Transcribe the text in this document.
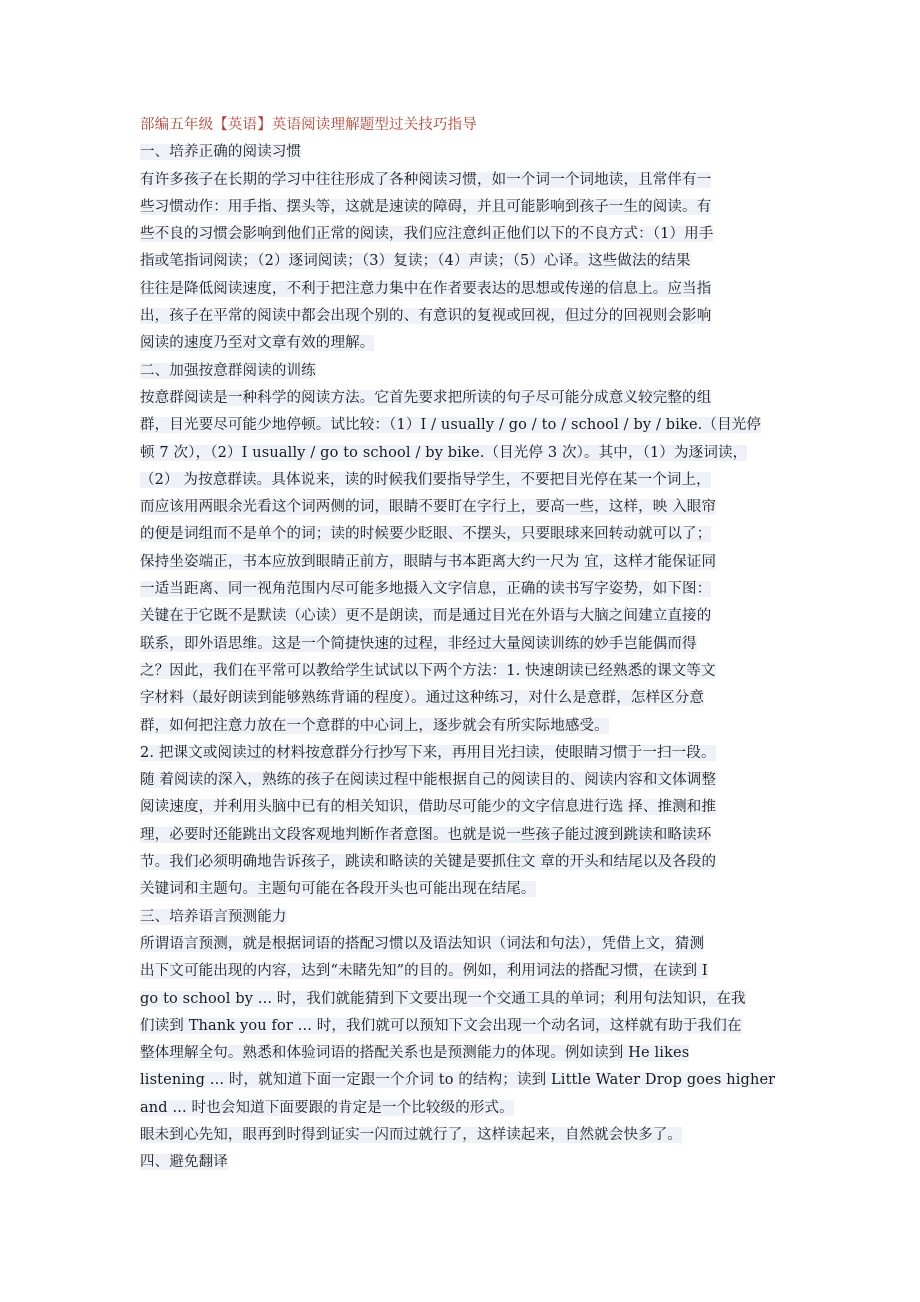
部编五年级【英语】英语阅读理解题型过关技巧指导
一、培养正确的阅读习惯
有许多孩子在长期的学习中往往形成了各种阅读习惯，如一个词一个词地读，且常伴有一
些习惯动作：用手指、摆头等，这就是速读的障碍，并且可能影响到孩子一生的阅读。有
些不良的习惯会影响到他们正常的阅读，我们应注意纠正他们以下的不良方式：（1）用手
指或笔指词阅读；（2）逐词阅读；（3）复读；（4）声读；（5）心译。这些做法的结果
往往是降低阅读速度，不利于把注意力集中在作者要表达的思想或传递的信息上。应当指
出，孩子在平常的阅读中都会出现个别的、有意识的复视或回视，但过分的回视则会影响
阅读的速度乃至对文章有效的理解。
二、加强按意群阅读的训练
按意群阅读是一种科学的阅读方法。它首先要求把所读的句子尽可能分成意义较完整的组
群，目光要尽可能少地停顿。试比较：（1）I / usually / go / to / school / by / bike.（目光停
顿 7 次），（2）I usually / go to school / by bike.（目光停 3 次）。其中，（1）为逐词读，
（2） 为按意群读。具体说来，读的时候我们要指导学生，不要把目光停在某一个词上，
而应该用两眼余光看这个词两侧的词，眼睛不要盯在字行上，要高一些，这样，映 入眼帘
的便是词组而不是单个的词；读的时候要少眨眼、不摆头，只要眼球来回转动就可以了；
保持坐姿端正，书本应放到眼睛正前方，眼睛与书本距离大约一尺为 宜，这样才能保证同
一适当距离、同一视角范围内尽可能多地摄入文字信息，正确的读书写字姿势，如下图：
关键在于它既不是默读（心读）更不是朗读，而是通过目光在外语与大脑之间建立直接的
联系，即外语思维。这是一个简捷快速的过程，非经过大量阅读训练的妙手岂能偶而得
之？因此，我们在平常可以教给学生试试以下两个方法：1. 快速朗读已经熟悉的课文等文
字材料（最好朗读到能够熟练背诵的程度）。通过这种练习，对什么是意群，怎样区分意
群，如何把注意力放在一个意群的中心词上，逐步就会有所实际地感受。
2. 把课文或阅读过的材料按意群分行抄写下来，再用目光扫读，使眼睛习惯于一扫一段。
随 着阅读的深入，熟练的孩子在阅读过程中能根据自己的阅读目的、阅读内容和文体调整
阅读速度，并利用头脑中已有的相关知识，借助尽可能少的文字信息进行选 择、推测和推
理，必要时还能跳出文段客观地判断作者意图。也就是说一些孩子能过渡到跳读和略读环
节。我们必须明确地告诉孩子，跳读和略读的关键是要抓住文 章的开头和结尾以及各段的
关键词和主题句。主题句可能在各段开头也可能出现在结尾。
三、培养语言预测能力
所谓语言预测，就是根据词语的搭配习惯以及语法知识（词法和句法），凭借上文，猜测
出下文可能出现的内容，达到“未睹先知”的目的。例如，利用词法的搭配习惯，在读到 I
go to school by ... 时，我们就能猜到下文要出现一个交通工具的单词；利用句法知识，在我
们读到 Thank you for ... 时，我们就可以预知下文会出现一个动名词，这样就有助于我们在
整体理解全句。熟悉和体验词语的搭配关系也是预测能力的体现。例如读到 He likes
listening ... 时，就知道下面一定跟一个介词 to 的结构；读到 Little Water Drop goes higher
and ... 时也会知道下面要跟的肯定是一个比较级的形式。
眼未到心先知，眼再到时得到证实一闪而过就行了，这样读起来，自然就会快多了。
四、避免翻译
